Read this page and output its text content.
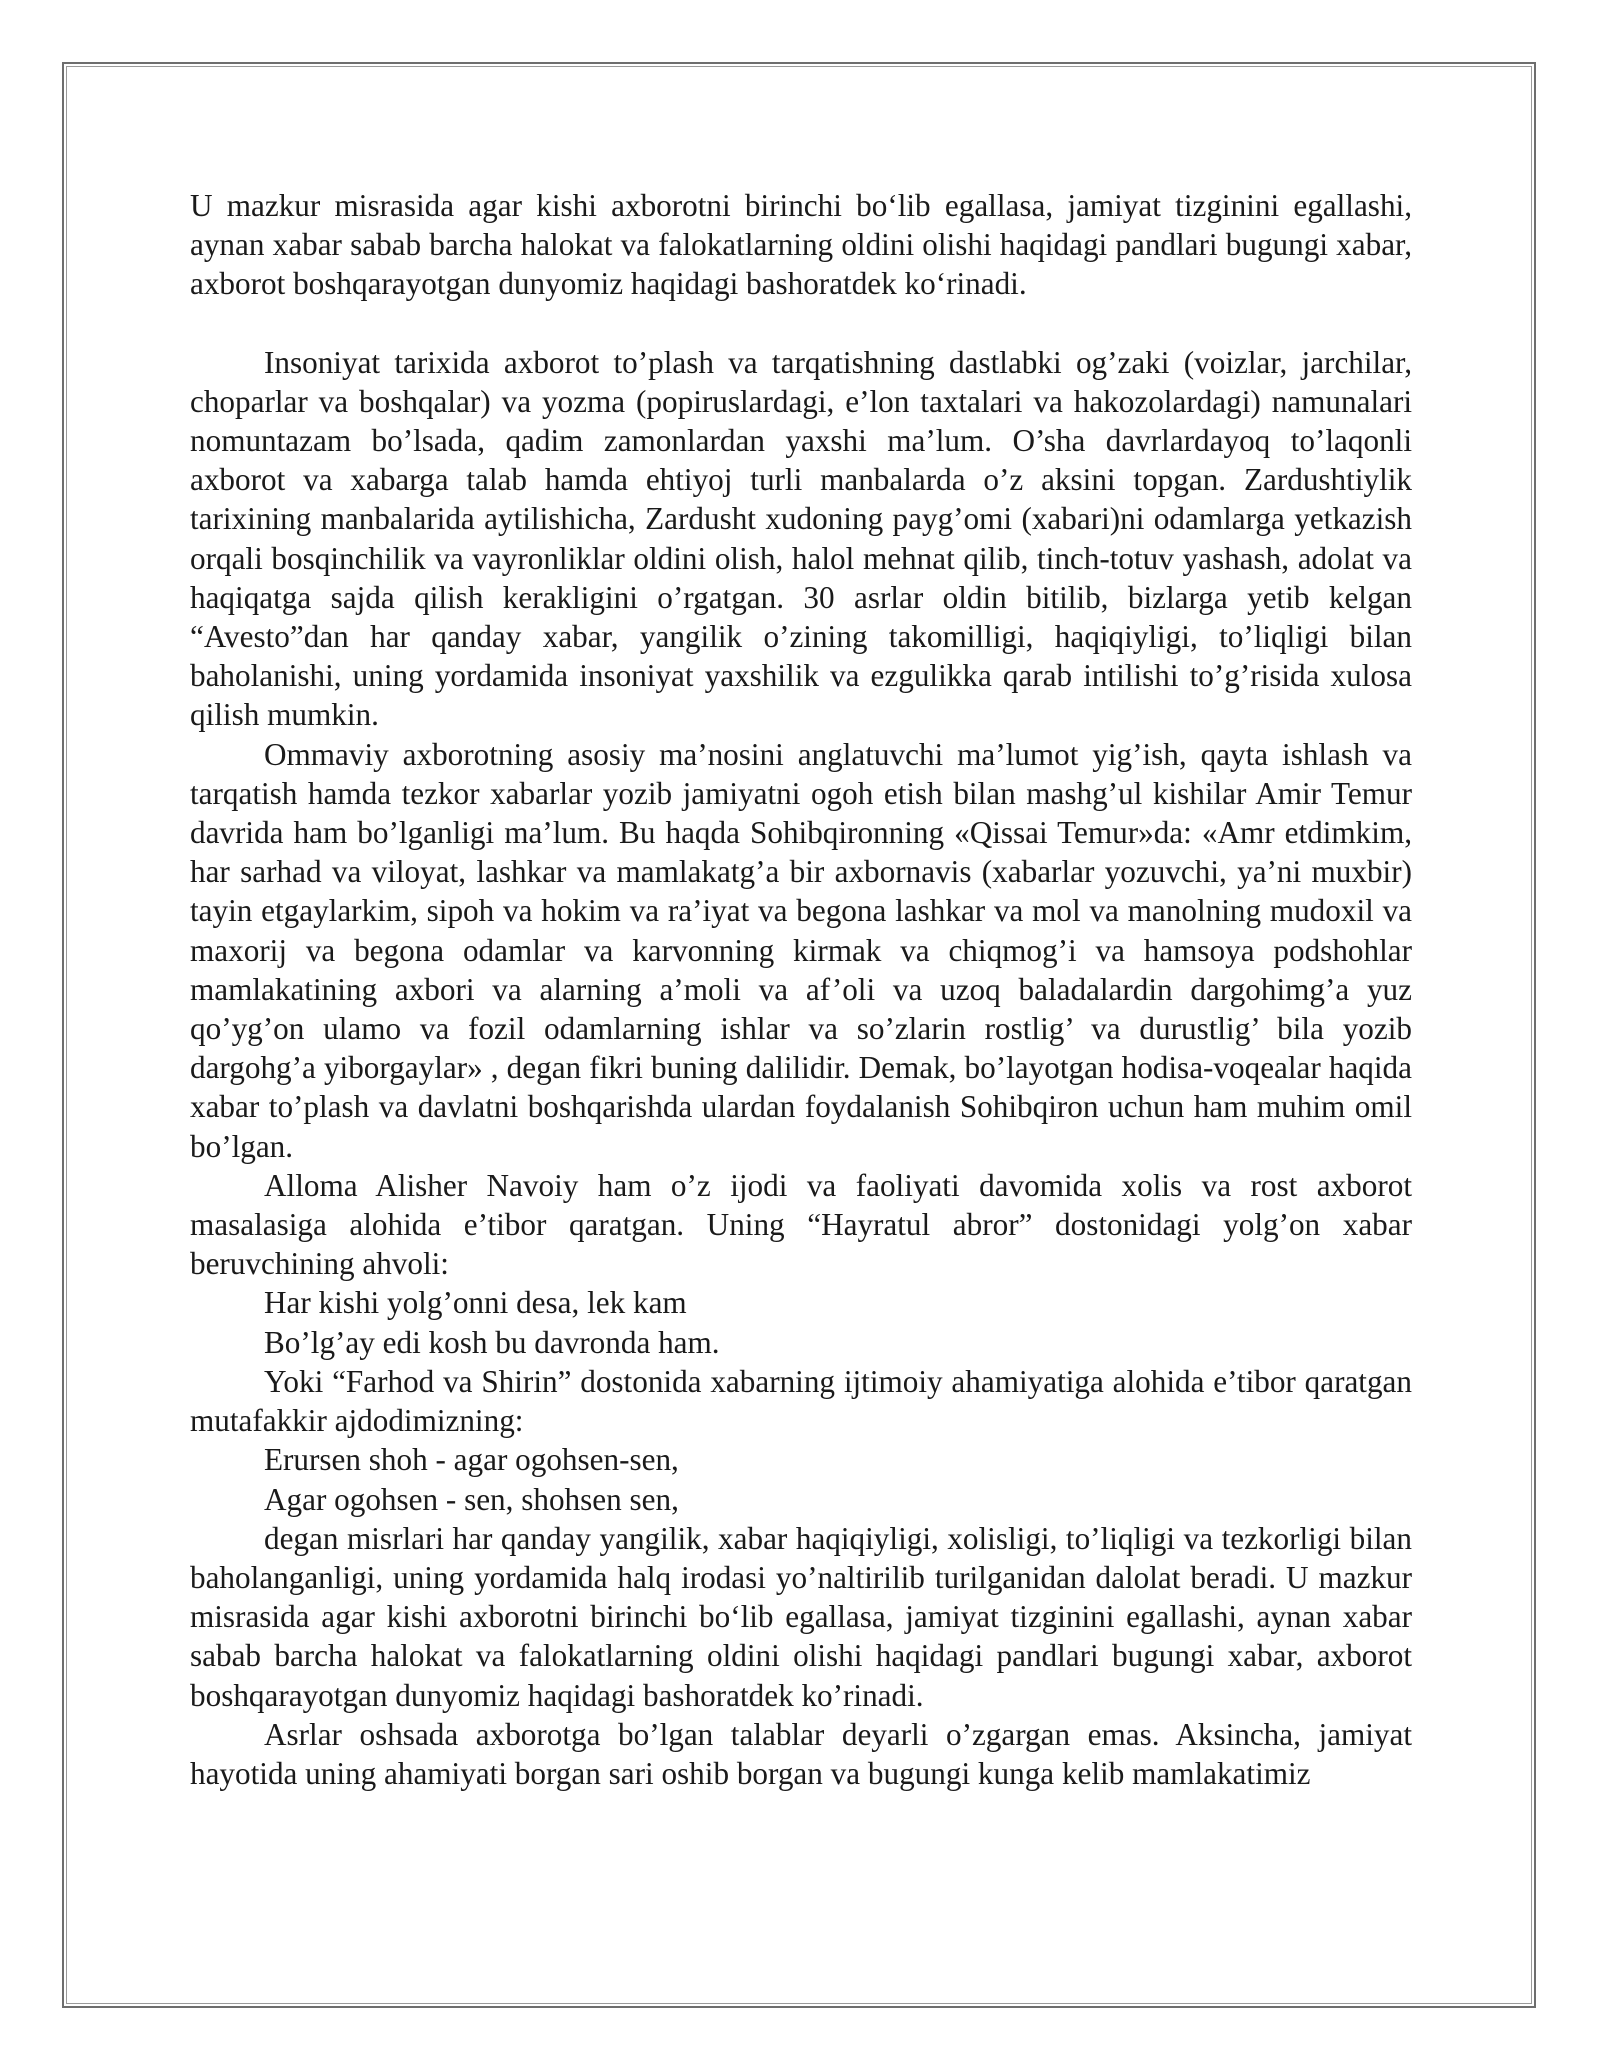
U mazkur misrasida agar kishi axborotni birinchi bo‘lib egallasa, jamiyat tizginini egallashi, aynan xabar sabab barcha halokat va falokatlarning oldini olishi haqidagi pandlari bugungi xabar, axborot boshqarayotgan dunyomiz haqidagi bashoratdek ko‘rinadi.

Insoniyat tarixida axborot to’plash va tarqatishning dastlabki og’zaki (voizlar, jarchilar, choparlar va boshqalar) va yozma (popiruslardagi, e’lon taxtalari va hakozolardagi) namunalari nomuntazam bo’lsada, qadim zamonlardan yaxshi ma’lum. O’sha davrlardayoq to’laqonli axborot va xabarga talab hamda ehtiyoj turli manbalarda o’z aksini topgan. Zardushtiylik tarixining manbalarida aytilishicha, Zardusht xudoning payg’omi (xabari)ni odamlarga yetkazish orqali bosqinchilik va vayronliklar oldini olish, halol mehnat qilib, tinch-totuv yashash, adolat va haqiqatga sajda qilish kerakligini o’rgatgan. 30 asrlar oldin bitilib, bizlarga yetib kelgan “Avesto”dan har qanday xabar, yangilik o’zining takomilligi, haqiqiyligi, to’liqligi bilan baholanishi, uning yordamida insoniyat yaxshilik va ezgulikka qarab intilishi to’g’risida xulosa qilish mumkin.

Ommaviy axborotning asosiy ma’nosini anglatuvchi ma’lumot yig’ish, qayta ishlash va tarqatish hamda tezkor xabarlar yozib jamiyatni ogoh etish bilan mashg’ul kishilar Amir Temur davrida ham bo’lganligi ma’lum. Bu haqda Sohibqironning «Qissai Temur»da: «Amr etdimkim, har sarhad va viloyat, lashkar va mamlakatg’a bir axbornavis (xabarlar yozuvchi, ya’ni muxbir) tayin etgaylarkim, sipoh va hokim va ra’iyat va begona lashkar va mol va manolning mudoxil va maxorij va begona odamlar va karvonning kirmak va chiqmog’i va hamsoya podshohlar mamlakatining axbori va alarning a’moli va af’oli va uzoq baladalardin dargohimg’a yuz qo’yg’on ulamo va fozil odamlarning ishlar va so’zlarin rostlig’ va durustlig’ bila yozib dargohg’a yiborgaylar» , degan fikri buning dalilidir. Demak, bo’layotgan hodisa-voqealar haqida xabar to’plash va davlatni boshqarishda ulardan foydalanish Sohibqiron uchun ham muhim omil bo’lgan.

Alloma Alisher Navoiy ham o’z ijodi va faoliyati davomida xolis va rost axborot masalasiga alohida e’tibor qaratgan. Uning “Hayratul abror” dostonidagi yolg’on xabar beruvchining ahvoli:

Har kishi yolg’onni desa, lek kam

Bo’lg’ay edi kosh bu davronda ham.

Yoki “Farhod va Shirin” dostonida xabarning ijtimoiy ahamiyatiga alohida e’tibor qaratgan mutafakkir ajdodimizning:

Erursen shoh - agar ogohsen-sen,

Agar ogohsen - sen, shohsen sen,

degan misrlari har qanday yangilik, xabar haqiqiyligi, xolisligi, to’liqligi va tezkorligi bilan baholanganligi, uning yordamida halq irodasi yo’naltirilib turilganidan dalolat beradi. U mazkur misrasida agar kishi axborotni birinchi bo‘lib egallasa, jamiyat tizginini egallashi, aynan xabar sabab barcha halokat va falokatlarning oldini olishi haqidagi pandlari bugungi xabar, axborot boshqarayotgan dunyomiz haqidagi bashoratdek ko’rinadi.

Asrlar oshsada axborotga bo’lgan talablar deyarli o’zgargan emas. Aksincha, jamiyat hayotida uning ahamiyati borgan sari oshib borgan va bugungi kunga kelib mamlakatimiz
